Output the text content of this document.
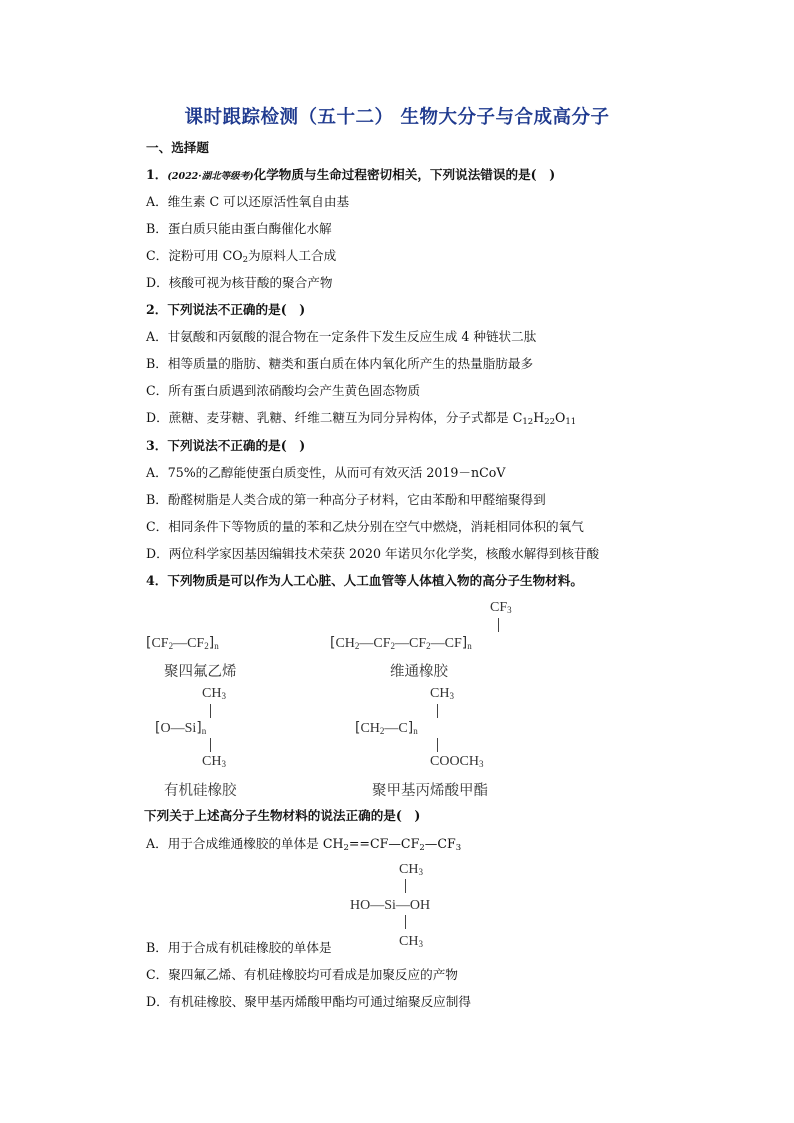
课时跟踪检测（五十二） 生物大分子与合成高分子
一、选择题
1．(2022·湖北等级考)化学物质与生命过程密切相关，下列说法错误的是(　)
A．维生素 C 可以还原活性氧自由基
B．蛋白质只能由蛋白酶催化水解
C．淀粉可用 $CO_2$为原料人工合成
D．核酸可视为核苷酸的聚合产物
2．下列说法不正确的是(　)
A．甘氨酸和丙氨酸的混合物在一定条件下发生反应生成 4 种链状二肽
B．相等质量的脂肪、糖类和蛋白质在体内氧化所产生的热量脂肪最多
C．所有蛋白质遇到浓硝酸均会产生黄色固态物质
D．蔗糖、麦芽糖、乳糖、纤维二糖互为同分异构体，分子式都是 $C_{12}H_{22}O_{11}$
3．下列说法不正确的是(　)
A．75%的乙醇能使蛋白质变性，从而可有效灭活 2019－nCoV
B．酚醛树脂是人类合成的第一种高分子材料，它由苯酚和甲醛缩聚得到
C．相同条件下等物质的量的苯和乙炔分别在空气中燃烧，消耗相同体积的氧气
D．两位科学家因基因编辑技术荣获 2020 年诺贝尔化学奖，核酸水解得到核苷酸
4．下列物质是可以作为人工心脏、人工血管等人体植入物的高分子生物材料。
$[CF_2—CF_2]_n$
聚四氟乙烯
$CF_3$
$[CH_2—CF_2—CF_2—CF]_n$
维通橡胶
$CH_3$
$[O—Si]_n$
$CH_3$
有机硅橡胶
$CH_3$
$[CH_2—C]_n$
$COOCH_3$
聚甲基丙烯酸甲酯
下列关于上述高分子生物材料的说法正确的是(　)
A．用于合成维通橡胶的单体是 $CH_2==CF—CF_2—CF_3$
$CH_3$
HO—Si—OH
$CH_3$
B．用于合成有机硅橡胶的单体是
C．聚四氟乙烯、有机硅橡胶均可看成是加聚反应的产物
D．有机硅橡胶、聚甲基丙烯酸甲酯均可通过缩聚反应制得
